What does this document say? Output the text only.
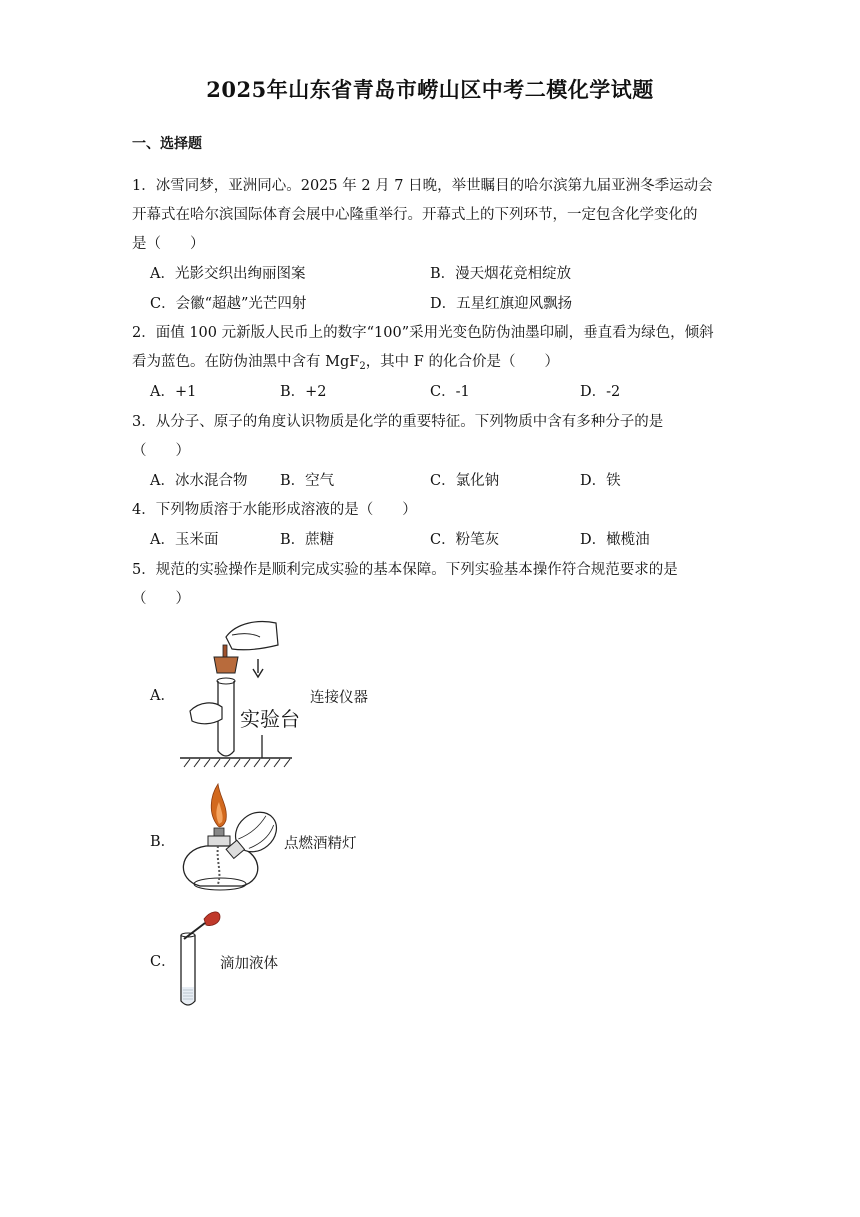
2025年山东省青岛市崂山区中考二模化学试题
一、选择题
1．冰雪同梦，亚洲同心。2025 年 2 月 7 日晚，举世瞩目的哈尔滨第九届亚洲冬季运动会
开幕式在哈尔滨国际体育会展中心隆重举行。开幕式上的下列环节，一定包含化学变化的
是（　　）
A．光影交织出绚丽图案	B．漫天烟花竞相绽放
C．会徽“超越”光芒四射	D．五星红旗迎风飘扬
2．面值 100 元新版人民币上的数字“100”采用光变色防伪油墨印刷，垂直看为绿色，倾斜
看为蓝色。在防伪油黑中含有 MgF$_2$，其中 F 的化合价是（　　）
A．+1	B．+2	C．-1	D．-2
3．从分子、原子的角度认识物质是化学的重要特征。下列物质中含有多种分子的是
（　　）
A．冰水混合物 B．空气	C．氯化钠	D．铁
4．下列物质溶于水能形成溶液的是（　　）
A．玉米面	B．蔗糖	C．粉笔灰	D．橄榄油
5．规范的实验操作是顺利完成实验的基本保障。下列实验基本操作符合规范要求的是
（　　）
A．
实验台
连接仪器
B．	点燃酒精灯
C．	滴加液体
